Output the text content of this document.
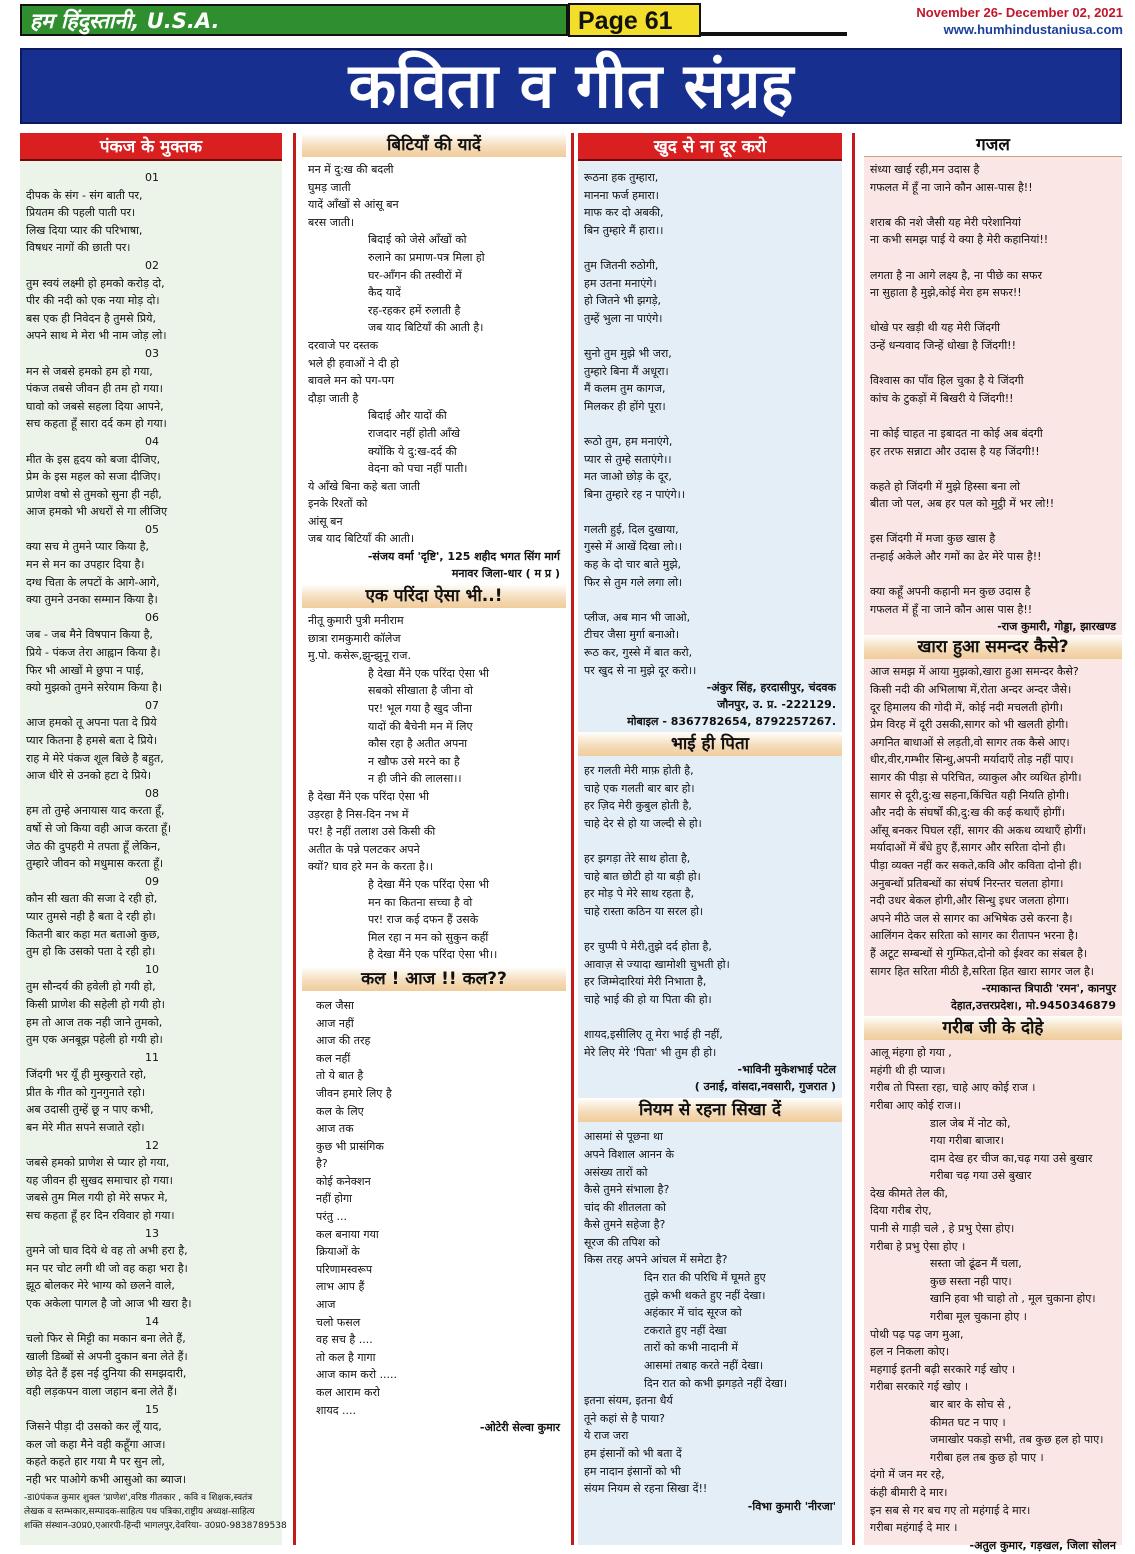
हम हिंदुस्तानी, U.S.A.	Page 61	November 26- December 02, 2021
www.humhindustaniusa.com
कविता व गीत संग्रह
पंकज के मुक्तक
01
दीपक के संग - संग बाती पर,
प्रियतम की पहली पाती पर।
लिख दिया प्यार की परिभाषा,
विषधर नागों की छाती पर।
02
तुम स्वयं लक्ष्मी हो हमको करोड़ दो,
पीर की नदी को एक नया मोड़ दो।
बस एक ही निवेदन है तुमसे प्रिये,
अपने साथ मे मेरा भी नाम जोड़ लो।
03
मन से जबसे हमको हम हो गया,
पंकज तबसे जीवन ही तम हो गया।
घावो को जबसे सहला दिया आपने,
सच कहता हूँ सारा दर्द कम हो गया।
04
मीत के इस हृदय को बजा दीजिए,
प्रेम के इस महल को सजा दीजिए।
प्राणेश वषो से तुमको सुना ही नही,
आज हमको भी अधरों से गा लीजिए
05
क्या सच मे तुमने प्यार किया है,
मन से मन का उपहार दिया है।
दग्ध चिता के लपटों के आगे-आगे,
क्या तुमने उनका सम्मान किया है।
06
जब - जब मैने विषपान किया है,
प्रिये - पंकज तेरा आह्वान किया है।
फिर भी आखों मे छुपा न पाई,
क्यो मुझको तुमने सरेयाम किया है।
07
आज हमको तू अपना पता दे प्रिये
प्यार कितना है हमसे बता दे प्रिये।
राह मे मेरे पंकज शूल बिछे है बहुत,
आज धीरे से उनको हटा दे प्रिये।
08
हम तो तुम्हे अनायास याद करता हूँ,
वर्षो से जो किया वही आज करता हूँ।
जेठ की दुपहरी मे तपता हूँ लेकिन,
तुम्हारे जीवन को मधुमास करता हूँ।
09
कौन सी खता की सजा दे रही हो,
प्यार तुमसे नही है बता दे रही हो।
कितनी बार कहा मत बताओ कुछ,
तुम हो कि उसको पता दे रही हो।
10
तुम सौन्दर्य की हवेली हो गयी हो,
किसी प्राणेश की सहेली हो गयी हो।
हम तो आज तक नही जाने तुमको,
तुम एक अनबूझ पहेली हो गयी हो।
11
जिंदगी भर यूँ ही मुस्कुराते रहो,
प्रीत के गीत को गुनगुनाते रहो।
अब उदासी तुम्हें छू न पाए कभी,
बन मेरे मीत सपने सजाते रहो।
12
जबसे हमको प्राणेश से प्यार हो गया,
यह जीवन ही सुखद समाचार हो गया।
जबसे तुम मिल गयी हो मेरे सफर मे,
सच कहता हूँ हर दिन रविवार हो गया।
13
तुमने जो घाव दिये थे वह तो अभी हरा है,
मन पर चोट लगी थी जो वह कहा भरा है।
झूठ बोलकर मेरे भाग्य को छलने वाले,
एक अकेला पागल है जो आज भी खरा है।
14
चलो फिर से मिट्टी का मकान बना लेते हैं,
खाली डिब्बों से अपनी दुकान बना लेते हैं।
छोड़ देते हैं इस नई दुनिया की समझदारी,
वही लड़कपन वाला जहान बना लेते हैं।
15
जिसने पीड़ा दी उसको कर लूँ याद,
कल जो कहा मैने वही कहूँगा आज।
कहते कहते हार गया मै पर सुन लो,
नही भर पाओगे कभी आसुओ का ब्याज।
-डा0पंकज कुमार शुक्ल 'प्राणेश',वरिष्ठ गीतकार , कवि व शिक्षक,स्वतंत्र
लेखक व स्तम्भकार,सम्पादक-साहित्य पथ पत्रिका,राष्ट्रीय अध्यक्ष-साहित्य
शक्ति संस्थान-उ0प्र0,एआरपी-हिन्दी भागलपुर,देवरिया- उ0प्र0-9838789538
बिटियाँ की यादें
मन में दु:ख की बदली
घुमड़ जाती
यादें आँखों से आंसू बन
बरस जाती।
बिदाई को जेसे आँखों को
रुलाने का प्रमाण-पत्र मिला हो
घर-आँगन की तस्वीरों में
कैद यादें
रह-रहकर हमें रुलाती है
जब याद बिटियाँ की आती है।
दरवाजे पर दस्तक
भले ही हवाओं ने दी हो
बावले मन को पग-पग
दौड़ा जाती है
बिदाई और यादों की
राजदार नहीं होती आँखे
क्योंकि ये दु:ख-दर्द की
वेदना को पचा नहीं पाती।
ये आँखे बिना कहे बता जाती
इनके रिश्तों को
आंसू बन
जब याद बिटियाँ की आती।
-संजय वर्मा 'दृष्टि', 125 शहीद भगत सिंग मार्ग
मनावर जिला-धार ( म प्र )
एक परिंदा ऐसा भी..!
नीतू कुमारी पुत्री मनीराम
छात्रा रामकुमारी कॉलेज
मु.पो. कसेरू,झुन्झुनू राज.
है देखा मैंने एक परिंदा ऐसा भी
सबको सीखाता है जीना वो
पर! भूल गया है खुद जीना
यादों की बैचेनी मन में लिए
कौस रहा है अतीत अपना
न खौफ उसे मरने का है
न ही जीने की लालसा।।
है देखा मैंने एक परिंदा ऐसा भी
उड़रहा है निस-दिन नभ में
पर! है नहीं तलाश उसे किसी की
अतीत के पन्ने पलटकर अपने
क्यों? घाव हरे मन के करता है।।
है देखा मैंने एक परिंदा ऐसा भी
मन का कितना सच्चा है वो
पर! राज कई दफन हैं उसके
मिल रहा न मन को सुकुन कहीं
है देखा मैंने एक परिंदा ऐसा भी।।
कल ! आज !! कल??
कल जैसा
आज नहीं
आज की तरह
कल नहीं
तो ये बात है
जीवन हमारे लिए है
कल के लिए
आज तक
कुछ भी प्रासंगिक
है?
कोई कनेक्शन
नहीं होगा
परंतु ...
कल बनाया गया
क्रियाओं के
परिणामस्वरूप
लाभ आप हैं
आज
चलो फसल
वह सच है ....
तो कल है गागा
आज काम करो .....
कल आराम करो
शायद ....
-ओटेरी सेल्वा कुमार
खुद से ना दूर करो
रूठना हक तुम्हारा,
मानना फर्ज हमारा।
माफ कर दो अबकी,
बिन तुम्हारे मैं हारा।।
तुम जितनी रुठोगी,
हम उतना मनाएंगे।
हो जितने भी झगड़े,
तुम्हें भुला ना पाएंगे।
सुनो तुम मुझे भी जरा,
तुम्हारे बिना मैं अधूरा।
मैं कलम तुम कागज,
मिलकर ही होंगे पूरा।
रूठो तुम, हम मनाएंगे,
प्यार से तुम्हे सताएंगे।।
मत जाओ छोड़ के दूर,
बिना तुम्हारे रह न पाएंगे।।
गलती हुई, दिल दुखाया,
गुस्से में आखें दिखा लो।।
कह के दो चार बाते मुझे,
फिर से तुम गले लगा लो।
प्लीज, अब मान भी जाओ,
टीचर जैसा मुर्गा बनाओ।
रूठ कर, गुस्से में बात करो,
पर खुद से ना मुझे दूर करो।।
-अंकुर सिंह, हरदासीपुर, चंदवक
जौनपुर, उ. प्र. -222129.
मोबाइल - 8367782654, 8792257267.
भाई ही पिता
हर गलती मेरी माफ़ होती है,
चाहे एक गलती बार बार हो।
हर ज़िद मेरी कुबुल होती है,
चाहे देर से हो या जल्दी से हो।
हर झगड़ा तेरे साथ होता है,
चाहे बात छोटी हो या बड़ी हो।
हर मोड़ पे मेरे साथ रहता है,
चाहे रास्ता कठिन या सरल हो।
हर चुप्पी पे मेरी,तुझे दर्द होता है,
आवाज़ से ज्यादा खामोशी चुभती हो।
हर जिम्मेदारियां मेरी निभाता है,
चाहे भाई की हो या पिता की हो।
शायद,इसीलिए तू मेरा भाई ही नहीं,
मेरे लिए मेरे 'पिता' भी तुम ही हो।
-भाविनी मुकेशभाई पटेल
( उनाई, वांसदा,नवसारी, गुजरात )
नियम से रहना सिखा दें
आसमां से पूछना था
अपने विशाल आनन के
असंख्य तारों को
कैसे तुमने संभाला है?
चांद की शीतलता को
कैसे तुमने सहेजा है?
सूरज की तपिश को
किस तरह अपने आंचल में समेटा है?
दिन रात की परिधि में घूमते हुए
तुझे कभी थकते हुए नहीं देखा।
अहंकार में चांद सूरज को
टकराते हुए नहीं देखा
तारों को कभी नादानी में
आसमां तबाह करते नहीं देखा।
दिन रात को कभी झगड़ते नहीं देखा।
इतना संयम, इतना धैर्य
तूने कहां से है पाया?
ये राज जरा
हम इंसानों को भी बता दें
हम नादान इंसानों को भी
संयम नियम से रहना सिखा दें!!
-विभा कुमारी 'नीरजा'
गजल
संध्या खाई रही,मन उदास है
गफलत में हूँ ना जाने कौन आस-पास है!!
शराब की नशे जैसी यह मेरी परेशानियां
ना कभी समझ पाई ये क्या है मेरी कहानियां!!
लगता है ना आगे लक्ष्य है, ना पीछे का सफर
ना सुहाता है मुझे,कोई मेरा हम सफर!!
धोखे पर खड़ी थी यह मेरी जिंदगी
उन्हें धन्यवाद जिन्हें धोखा है जिंदगी!!
विश्वास का पाँव हिल चुका है ये जिंदगी
कांच के टुकड़ों में बिखरी ये जिंदगी!!
ना कोई चाहत ना इबादत ना कोई अब बंदगी
हर तरफ सन्नाटा और उदास है यह जिंदगी!!
कहते हो जिंदगी में मुझे हिस्सा बना लो
बीता जो पल, अब हर पल को मुट्ठी में भर लो!!
इस जिंदगी में मजा कुछ खास है
तन्हाई अकेले और गमों का ढेर मेरे पास है!!
क्या कहूँ अपनी कहानी मन कुछ उदास है
गफलत में हूँ ना जाने कौन आस पास है!!
-राज कुमारी, गोड्डा, झारखण्ड
खारा हुआ समन्दर कैसे?
आज समझ में आया मुझको,खारा हुआ समन्दर कैसे?
किसी नदी की अभिलाषा में,रोता अन्दर अन्दर जैसे।
दूर हिमालय की गोदी में, कोई नदी मचलती होगी।
प्रेम विरह में दूरी उसकी,सागर को भी खलती होगी।
अगनित बाधाओं से लड़ती,वो सागर तक कैसे आए।
धीर,वीर,गम्भीर सिन्धु,अपनी मर्यादाएँ तोड़ नहीं पाए।
सागर की पीड़ा से परिचित, व्याकुल और व्यथित होगी।
सागर से दूरी,दु:ख सहना,किंचित यही नियति होगी।
और नदी के संघर्षों की,दु:ख की कई कथाएँ होगीं।
आँसू बनकर पिघल रहीं, सागर की अकथ व्यथाएँ होगीं।
मर्यादाओं में बँधे हुए हैं,सागर और सरिता दोनो ही।
पीड़ा व्यक्त नहीं कर सकते,कवि और कविता दोनो ही।
अनुबन्धों प्रतिबन्धों का संघर्ष निरन्तर चलता होगा।
नदी उधर बेकल होगी,और सिन्धु इधर जलता होगा।
अपने मीठे जल से सागर का अभिषेक उसे करना है।
आलिंगन देकर सरिता को सागर का रीतापन भरना है।
हैं अटूट सम्बन्धों से गुम्फित,दोनो को ईश्वर का संबल है।
सागर हित सरिता मीठी है,सरिता हित खारा सागर जल है।
-रमाकान्त त्रिपाठी 'रमन', कानपुर
देहात,उत्तरप्रदेश।, मो.9450346879
गरीब जी के दोहे
आलू मंहगा हो गया ,
महंगी थी ही प्याज।
गरीब तो पिस्ता रहा, चाहे आए कोई राज ।
गरीबा आए कोई राज।।
डाल जेब में नोट को,
गया गरीबा बाजार।
दाम देख हर चीज का,चढ़ गया उसे बुखार
गरीबा चढ़ गया उसे बुखार
देख कीमते तेल की,
दिया गरीब रोए,
पानी से गाड़ी चले , हे प्रभु ऐसा होए।
गरीबा हे प्रभु ऐसा होए ।
सस्ता जो ढूंढन मैं चला,
कुछ सस्ता नही पाए।
खानि हवा भी चाहो तो , मूल चुकाना होए।
गरीबा मूल चुकाना होए ।
पोथी पढ़ पढ़ जग मुआ,
हल न निकला कोए।
महगाई इतनी बढ़ी सरकारे गई खोए ।
गरीबा सरकारे गई खोए ।
बार बार के सोच से ,
कीमत घट न पाए ।
जमाखोर पकड़ो सभी, तब कुछ हल हो पाए।
गरीबा हल तब कुछ हो पाए ।
दंगो में जन मर रहे,
कंही बीमारी दे मार।
इन सब से गर बच गए तो महंगाई दे मार।
गरीबा महंगाई दे मार ।
-अतुल कुमार, गड़खल, जिला सोलन
